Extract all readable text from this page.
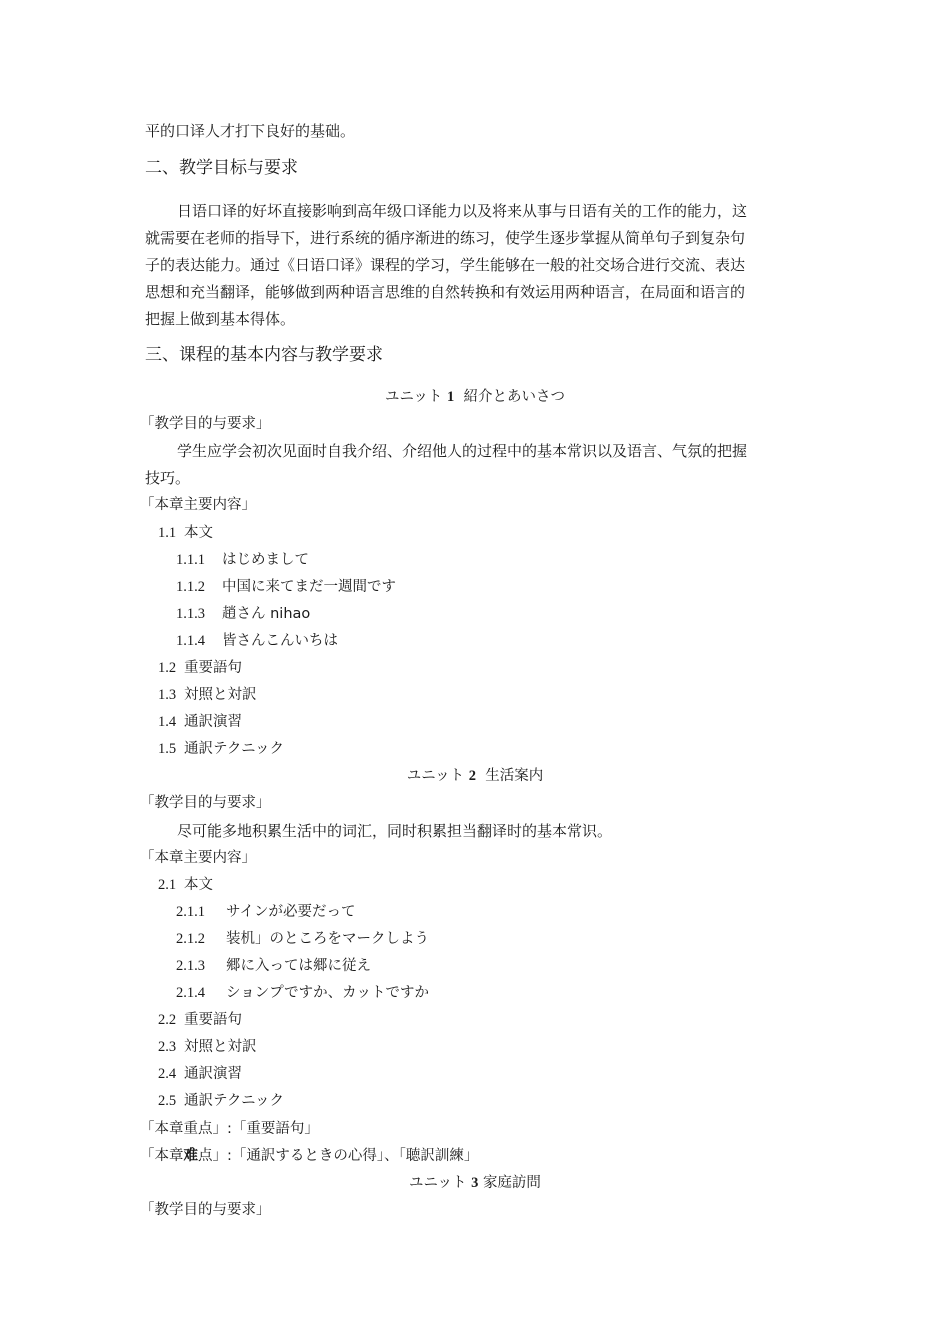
平的口译人才打下良好的基础。
二、教学目标与要求
日语口译的好坏直接影响到高年级口译能力以及将来从事与日语有关的工作的能力，这
就需要在老师的指导下，进行系统的循序渐进的练习，使学生逐步掌握从简单句子到复杂句
子的表达能力。通过《日语口译》课程的学习，学生能够在一般的社交场合进行交流、表达
思想和充当翻译，能够做到两种语言思维的自然转换和有效运用两种语言，在局面和语言的
把握上做到基本得体。
三、课程的基本内容与教学要求
ユニット 1 紹介とあいさつ
「教学目的与要求」
学生应学会初次见面时自我介绍、介绍他人的过程中的基本常识以及语言、气氛的把握
技巧。
「本章主要内容」
1.1 本文
1.1.1 はじめまして
1.1.2 中国に来てまだ一週間です
1.1.3 趙さん nihao
1.1.4 皆さんこんいちは
1.2 重要語句
1.3 対照と対訳
1.4 通訳演習
1.5 通訳テクニック
ユニット 2 生活案内
「教学目的与要求」
尽可能多地积累生活中的词汇，同时积累担当翻译时的基本常识。
「本章主要内容」
2.1 本文
2.1.1 サインが必要だって
2.1.2 装机」のところをマークしよう
2.1.3 郷に入っては郷に従え
2.1.4 ションプですか、カットですか
2.2 重要語句
2.3 対照と対訳
2.4 通訳演習
2.5 通訳テクニック
「本章重点」:「重要語句」
「本章难点」:「通訳するときの心得」、「聴訳訓練」
ユニット 3 家庭訪問
「教学目的与要求」
